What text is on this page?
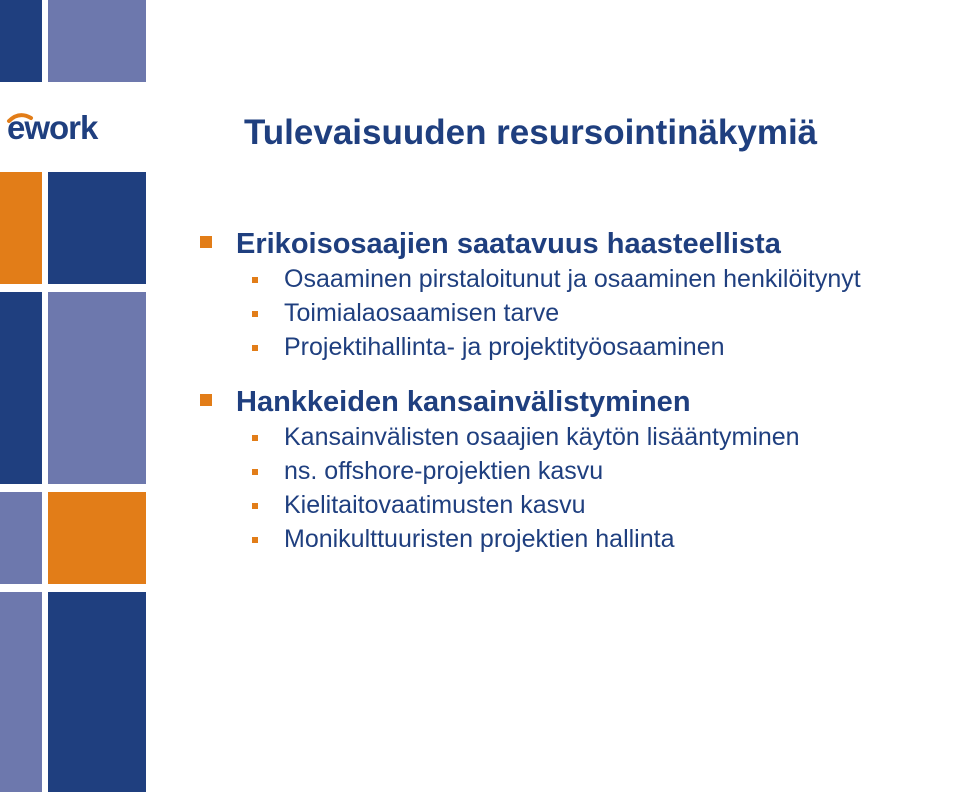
ework	Tulevaisuuden resursointinäkymiä
Erikoisosaajien saatavuus haasteellista
Osaaminen pirstaloitunut ja osaaminen henkilöitynyt
Toimialaosaamisen tarve
Projektihallinta- ja projektityöosaaminen
Hankkeiden kansainvälistyminen
Kansainvälisten osaajien käytön lisääntyminen
ns. offshore-projektien kasvu
Kielitaitovaatimusten kasvu
Monikulttuuristen projektien hallinta
